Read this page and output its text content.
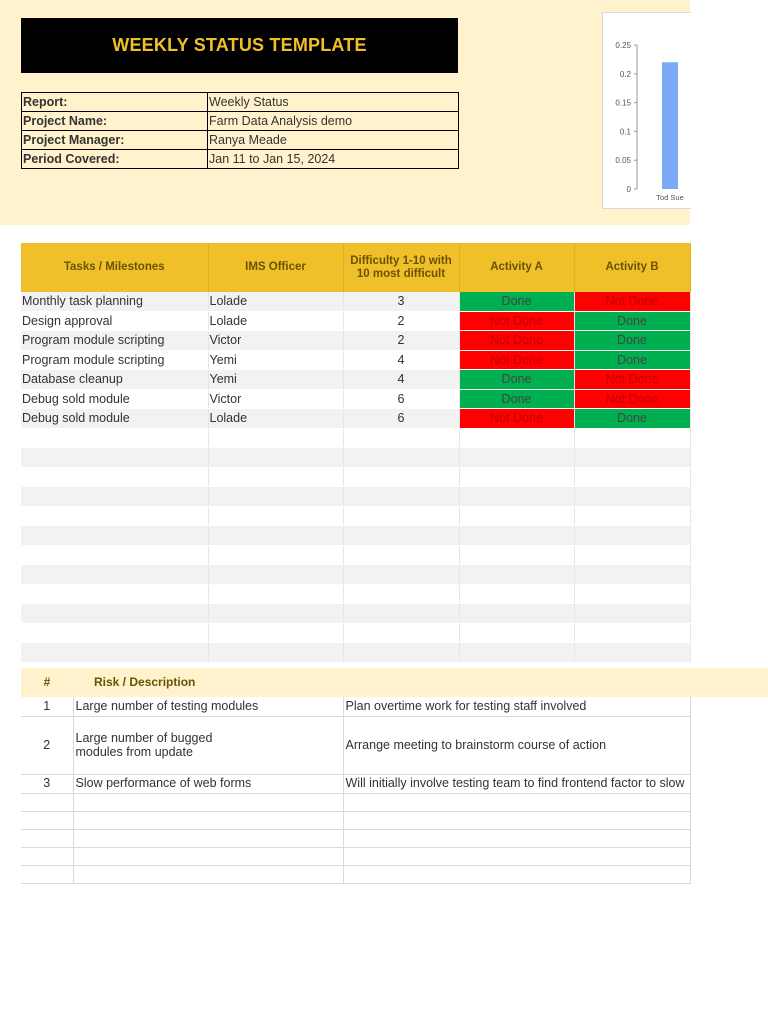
WEEKLY STATUS TEMPLATE
Report:	Weekly Status
Project Name:	Farm Data Analysis demo
Project Manager:	Ranya Meade
Period Covered:	Jan 11 to Jan 15, 2024
0.25
0.2
0.15
0.1
0.05
0
Tod Sue
Tasks / Milestones	IMS Officer	Difficulty 1-10 with 10 most difficult	Activity A	Activity B
Monthly task planning	Lolade	3	Done	Not Done
Design approval	Lolade	2	Not Done	Done
Program module scripting	Victor	2	Not Done	Done
Program module scripting	Yemi	4	Not Done	Done
Database cleanup	Yemi	4	Done	Not Done
Debug sold module	Victor	6	Done	Not Done
Debug sold module	Lolade	6	Not Done	Done

#	Risk / Description
1	Large number of testing modules	Plan overtime work for testing staff involved
2	Large number of bugged modules from update	Arrange meeting to brainstorm course of action
3	Slow performance of web forms	Will initially involve testing team to find frontend factor to slow
